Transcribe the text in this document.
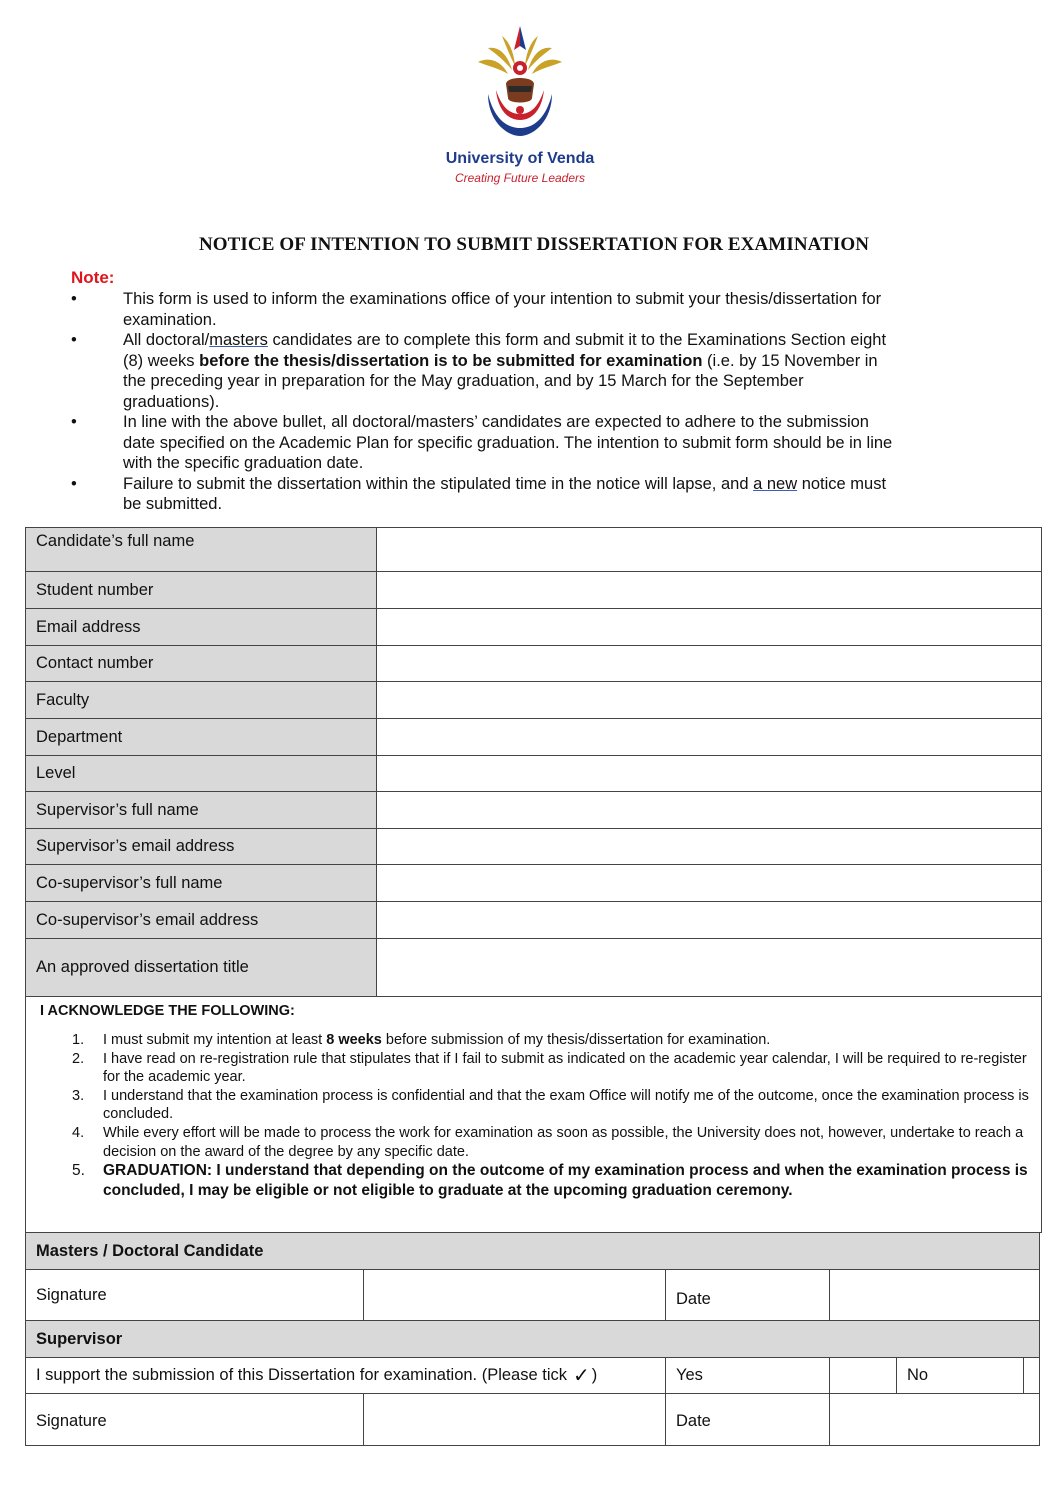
University of Venda
Creating Future Leaders
NOTICE OF INTENTION TO SUBMIT DISSERTATION FOR EXAMINATION
Note:
•	This form is used to inform the examinations office of your intention to submit your thesis/dissertation for examination.
•	All doctoral/masters candidates are to complete this form and submit it to the Examinations Section eight (8) weeks before the thesis/dissertation is to be submitted for examination (i.e. by 15 November in the preceding year in preparation for the May graduation, and by 15 March for the September graduations).
•	In line with the above bullet, all doctoral/masters’ candidates are expected to adhere to the submission date specified on the Academic Plan for specific graduation. The intention to submit form should be in line with the specific graduation date.
•	Failure to submit the dissertation within the stipulated time in the notice will lapse, and a new notice must be submitted.
Candidate’s full name	
Student number	
Email address	
Contact number	
Faculty	
Department	
Level	
Supervisor’s full name	
Supervisor’s email address	
Co-supervisor’s full name	
Co-supervisor’s email address	
An approved dissertation title	
I ACKNOWLEDGE THE FOLLOWING:
1. I must submit my intention at least 8 weeks before submission of my thesis/dissertation for examination.
2. I have read on re-registration rule that stipulates that if I fail to submit as indicated on the academic year calendar, I will be required to re-register for the academic year.
3. I understand that the examination process is confidential and that the exam Office will notify me of the outcome, once the examination process is concluded.
4. While every effort will be made to process the work for examination as soon as possible, the University does not, however, undertake to reach a decision on the award of the degree by any specific date.
5. GRADUATION: I understand that depending on the outcome of my examination process and when the examination process is concluded, I may be eligible or not eligible to graduate at the upcoming graduation ceremony.
Masters / Doctoral Candidate
Signature	Date
Supervisor
I support the submission of this Dissertation for examination. (Please tick ✓ )	Yes	No
Signature	Date
